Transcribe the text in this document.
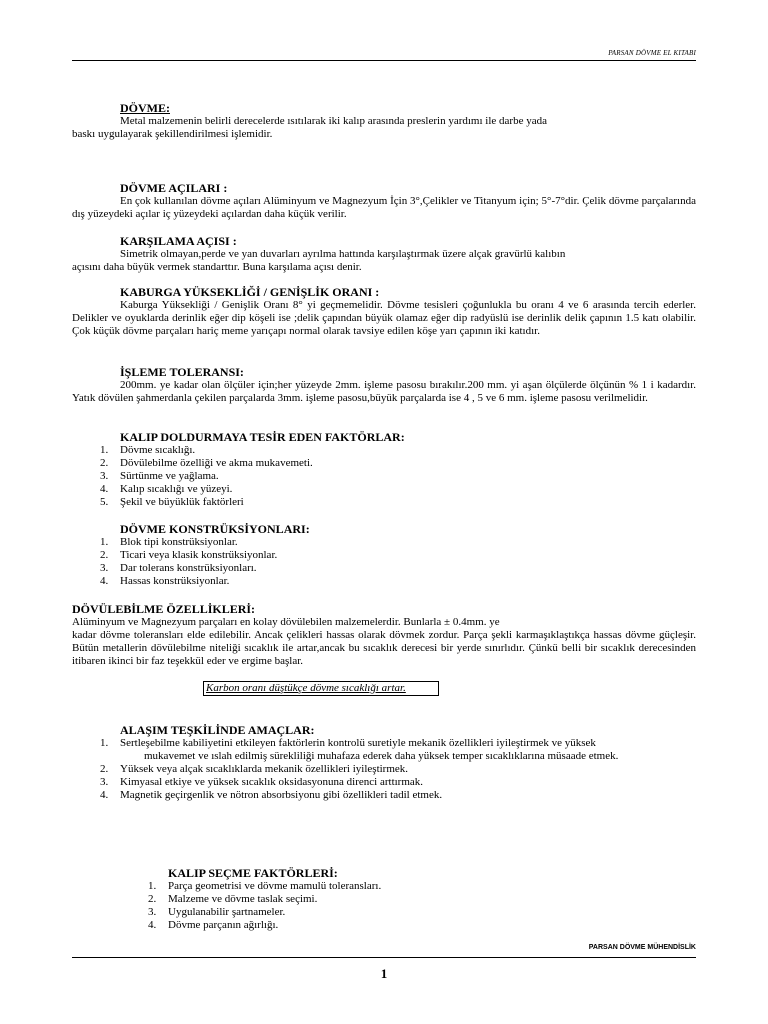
PARSAN DÖVME EL KITABI
DÖVME:
Metal malzemenin belirli derecelerde ısıtılarak iki kalıp arasında preslerin yardımı ile darbe yada
baskı uygulayarak şekillendirilmesi işlemidir.
DÖVME AÇILARI :
En çok kullanılan dövme açıları Alüminyum ve Magnezyum İçin 3°,Çelikler ve Titanyum için; 5°-7°dir. Çelik dövme parçalarında dış yüzeydeki açılar iç yüzeydeki açılardan daha küçük verilir.
KARŞILAMA AÇISI :
Simetrik olmayan,perde ve yan duvarları ayrılma hattında karşılaştırmak üzere alçak gravürlü kalıbın
açısını daha büyük vermek standarttır. Buna karşılama açısı denir.
KABURGA YÜKSEKLİĞİ / GENİŞLİK ORANI :
Kaburga Yüksekliği / Genişlik Oranı 8° yi geçmemelidir. Dövme tesisleri çoğunlukla bu oranı 4 ve 6 arasında tercih ederler. Delikler ve oyuklarda derinlik eğer dip köşeli ise ;delik çapından büyük olamaz eğer dip radyüslü ise derinlik delik çapının 1.5 katı olabilir. Çok küçük dövme parçaları hariç meme yarıçapı normal olarak tavsiye edilen köşe yarı çapının iki katıdır.
İŞLEME TOLERANSI:
200mm. ye kadar olan ölçüler için;her yüzeyde 2mm. işleme pasosu bırakılır.200 mm. yi aşan ölçülerde ölçünün % 1 i kadardır. Yatık dövülen şahmerdanla çekilen parçalarda 3mm. işleme pasosu,büyük parçalarda ise 4 , 5 ve 6 mm. işleme pasosu verilmelidir.
KALIP DOLDURMAYA TESİR EDEN FAKTÖRLAR:
1. Dövme sıcaklığı.
2. Dövülebilme özelliği ve akma mukavemeti.
3. Sürtünme ve yağlama.
4. Kalıp sıcaklığı ve yüzeyi.
5. Şekil ve büyüklük faktörleri
DÖVME KONSTRÜKSİYONLARI:
1. Blok tipi konstrüksiyonlar.
2. Ticari veya klasik konstrüksiyonlar.
3. Dar tolerans konstrüksiyonları.
4. Hassas konstrüksiyonlar.
DÖVÜLEBİLME ÖZELLİKLERİ:
Alüminyum ve Magnezyum parçaları en kolay dövülebilen malzemelerdir. Bunlarla ± 0.4mm. ye
kadar dövme toleransları elde edilebilir. Ancak çelikleri hassas olarak dövmek zordur. Parça şekli karmaşıklaştıkça hassas dövme güçleşir. Bütün metallerin dövülebilme niteliği sıcaklık ile artar,ancak bu sıcaklık derecesi bir yerde sınırlıdır. Çünkü belli bir sıcaklık derecesinden itibaren ikinci bir faz teşekkül eder ve ergime başlar.
Karbon oranı düştükçe dövme sıcaklığı artar.
ALAŞIM TEŞKİLİNDE AMAÇLAR:
1. Sertleşebilme kabiliyetini etkileyen faktörlerin kontrolü suretiyle mekanik özellikleri iyileştirmek ve yüksek
mukavemet ve ıslah edilmiş sürekliliği muhafaza ederek daha yüksek temper sıcaklıklarına müsaade etmek.
2. Yüksek veya alçak sıcaklıklarda mekanik özellikleri iyileştirmek.
3. Kimyasal etkiye ve yüksek sıcaklık oksidasyonuna direnci arttırmak.
4. Magnetik geçirgenlik ve nötron absorbsiyonu gibi özellikleri tadil etmek.
KALIP SEÇME FAKTÖRLERİ:
1. Parça geometrisi ve dövme mamulü toleransları.
2. Malzeme ve dövme taslak seçimi.
3. Uygulanabilir şartnameler.
4. Dövme parçanın ağırlığı.
PARSAN DÖVME MÜHENDİSLİK
1
